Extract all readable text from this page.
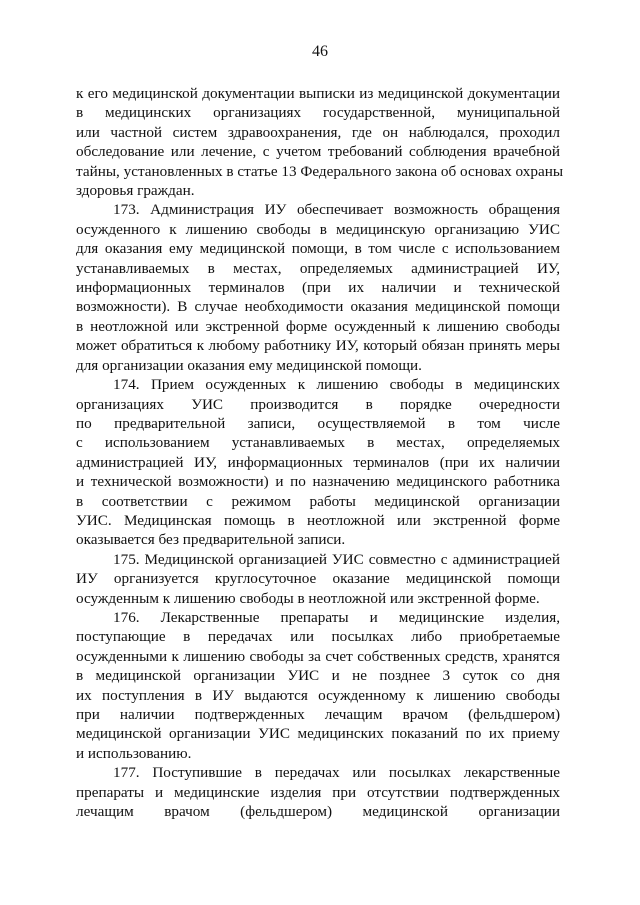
46

к его медицинской документации выписки из медицинской документации
в медицинских организациях государственной, муниципальной
или частной систем здравоохранения, где он наблюдался, проходил
обследование или лечение, с учетом требований соблюдения врачебной
тайны, установленных в статье 13 Федерального закона об основах охраны
здоровья граждан.

173. Администрация ИУ обеспечивает возможность обращения
осужденного к лишению свободы в медицинскую организацию УИС
для оказания ему медицинской помощи, в том числе с использованием
устанавливаемых в местах, определяемых администрацией ИУ,
информационных терминалов (при их наличии и технической
возможности). В случае необходимости оказания медицинской помощи
в неотложной или экстренной форме осужденный к лишению свободы
может обратиться к любому работнику ИУ, который обязан принять меры
для организации оказания ему медицинской помощи.

174. Прием осужденных к лишению свободы в медицинских
организациях УИС производится в порядке очередности
по предварительной записи, осуществляемой в том числе
с использованием устанавливаемых в местах, определяемых
администрацией ИУ, информационных терминалов (при их наличии
и технической возможности) и по назначению медицинского работника
в соответствии с режимом работы медицинской организации
УИС. Медицинская помощь в неотложной или экстренной форме
оказывается без предварительной записи.

175. Медицинской организацией УИС совместно с администрацией
ИУ организуется круглосуточное оказание медицинской помощи
осужденным к лишению свободы в неотложной или экстренной форме.

176. Лекарственные препараты и медицинские изделия,
поступающие в передачах или посылках либо приобретаемые
осужденными к лишению свободы за счет собственных средств, хранятся
в медицинской организации УИС и не позднее 3 суток со дня
их поступления в ИУ выдаются осужденному к лишению свободы
при наличии подтвержденных лечащим врачом (фельдшером)
медицинской организации УИС медицинских показаний по их приему
и использованию.

177. Поступившие в передачах или посылках лекарственные
препараты и медицинские изделия при отсутствии подтвержденных
лечащим врачом (фельдшером) медицинской организации
